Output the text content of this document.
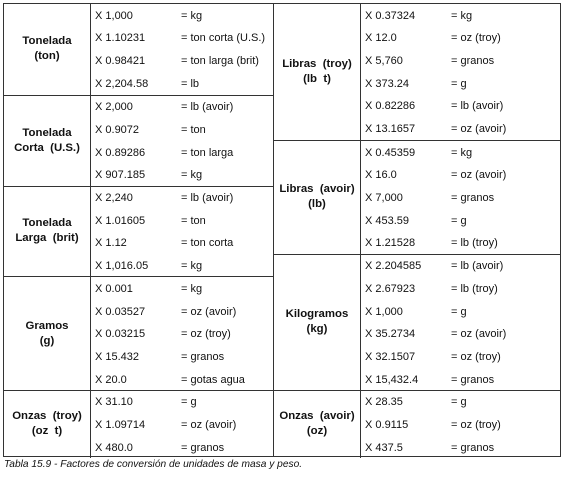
Tonelada
(ton)
X 1,000	= kg
X 1.10231	= ton corta (U.S.)
X 0.98421	= ton larga (brit)
X 2,204.58	= lb
Tonelada
Corta  (U.S.)
X 2,000	= lb (avoir)
X 0.9072	= ton
X 0.89286	= ton larga
X 907.185	= kg
Tonelada
Larga  (brit)
X 2,240	= lb (avoir)
X 1.01605	= ton
X 1.12	= ton corta
X 1,016.05	= kg
Gramos
(g)
X 0.001	= kg
X 0.03527	= oz (avoir)
X 0.03215	= oz (troy)
X 15.432	= granos
X 20.0	= gotas agua
Onzas  (troy)
(oz  t)
X 31.10	= g
X 1.09714	= oz (avoir)
X 480.0	= granos
Libras  (troy)
(lb  t)
X 0.37324	= kg
X 12.0	= oz (troy)
X 5,760	= granos
X 373.24	= g
X 0.82286	= lb (avoir)
X 13.1657	= oz (avoir)
Libras  (avoir)
(lb)
X 0.45359	= kg
X 16.0	= oz (avoir)
X 7,000	= granos
X 453.59	= g
X 1.21528	= lb (troy)
Kilogramos
(kg)
X 2.204585	= lb (avoir)
X 2.67923	= lb (troy)
X 1,000	= g
X 35.2734	= oz (avoir)
X 32.1507	= oz (troy)
X 15,432.4	= granos
Onzas  (avoir)
(oz)
X 28.35	= g
X 0.9115	= oz (troy)
X 437.5	= granos
Tabla 15.9 - Factores de conversión de unidades de masa y peso.
